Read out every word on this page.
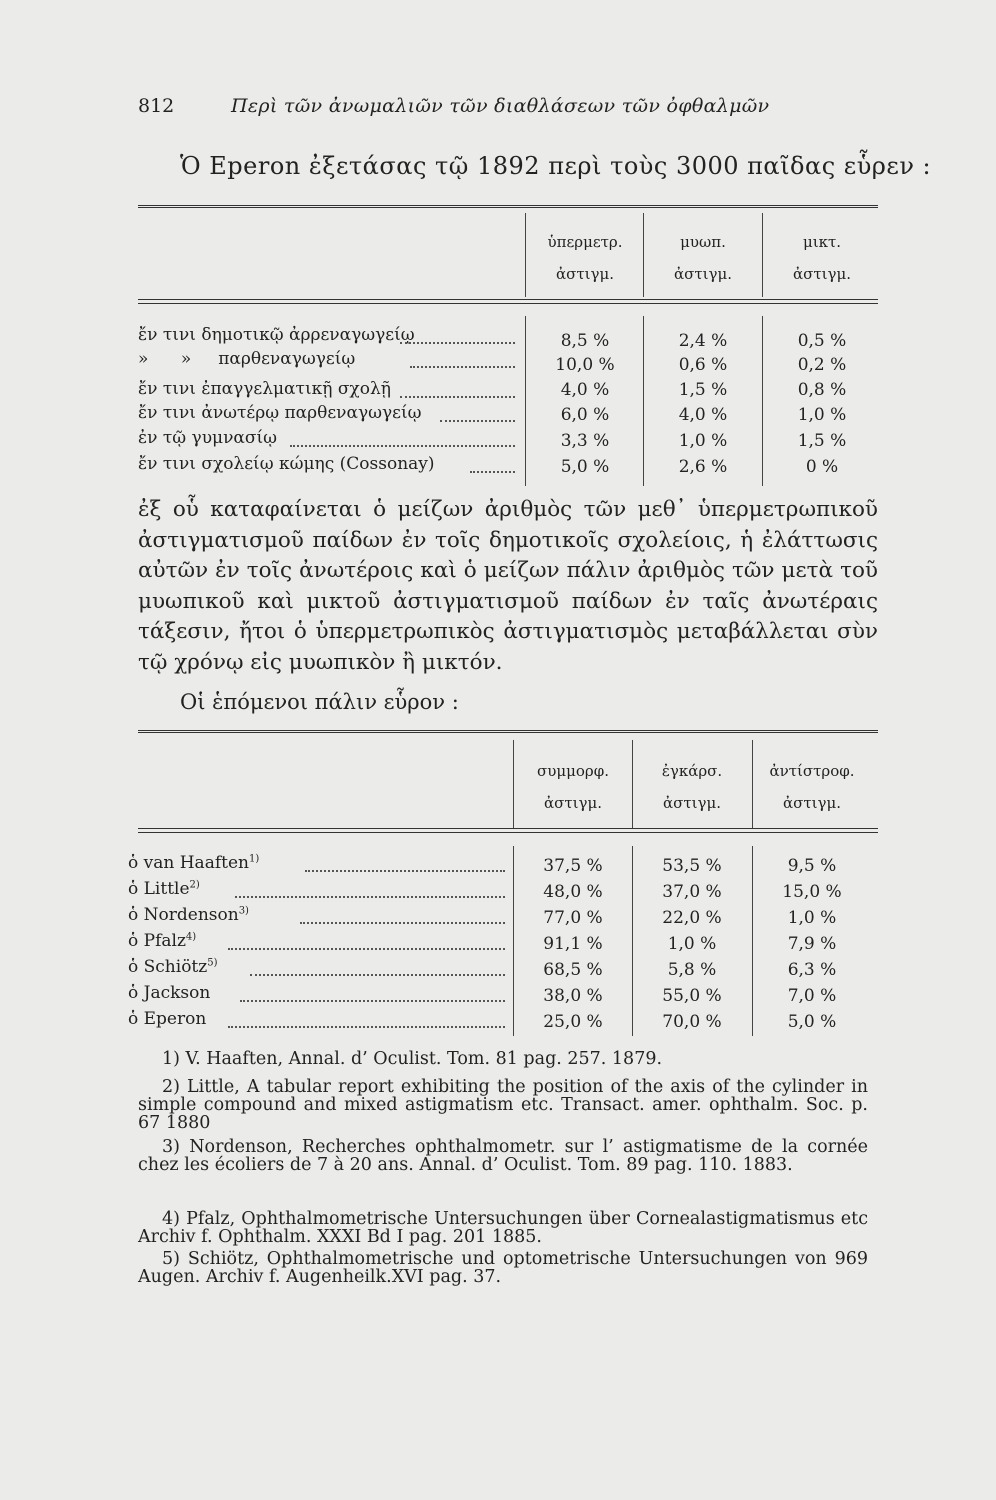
812	Περὶ τῶν ἀνωμαλιῶν τῶν διαθλάσεων τῶν ὀφθαλμῶν
Ὁ Eperon ἐξετάσας τῷ 1892 περὶ τοὺς 3000 παῖδας εὗρεν :
ὑπερμετρ.
ἀστιγμ.
μυωπ.
ἀστιγμ.
μικτ.
ἀστιγμ.
ἔν τινι δημοτικῷ ἀρρεναγωγείῳ	8,5 %	2,4 %	0,5 %
»      »     παρθεναγωγείῳ	10,0 %	0,6 %	0,2 %
ἔν τινι ἐπαγγελματικῇ σχολῇ	4,0 %	1,5 %	0,8 %
ἔν τινι ἀνωτέρῳ παρθεναγωγείῳ	6,0 %	4,0 %	1,0 %
ἐν τῷ γυμνασίῳ	3,3 %	1,0 %	1,5 %
ἔν τινι σχολείῳ κώμης (Cossonay)	5,0 %	2,6 %	0 %
ἐξ οὗ καταφαίνεται ὁ μείζων ἀριθμὸς τῶν μεθ᾽ ὑπερμετρωπικοῦ ἀστιγματισμοῦ παίδων ἐν τοῖς δημοτικοῖς σχολείοις, ἡ ἐλάττωσις αὐτῶν ἐν τοῖς ἀνωτέροις καὶ ὁ μείζων πάλιν ἀριθμὸς τῶν μετὰ τοῦ μυωπικοῦ καὶ μικτοῦ ἀστιγματισμοῦ παίδων ἐν ταῖς ἀνωτέραις τάξεσιν, ἤτοι ὁ ὑπερμετρωπικὸς ἀστιγματισμὸς μεταβάλλεται σὺν τῷ χρόνῳ εἰς μυωπικὸν ἢ μικτόν.
Οἱ ἑπόμενοι πάλιν εὗρον :
συμμορφ.
ἀστιγμ.
ἐγκάρσ.
ἀστιγμ.
ἀντίστροφ.
ἀστιγμ.
ὁ van Haaften$^{1)}$	37,5 %	53,5 %	9,5 %
ὁ Little$^{2)}$	48,0 %	37,0 %	15,0 %
ὁ Nordenson$^{3)}$	77,0 %	22,0 %	1,0 %
ὁ Pfalz$^{4)}$	91,1 %	1,0 %	7,9 %
ὁ Schiötz$^{5)}$	68,5 %	5,8 %	6,3 %
ὁ Jackson	38,0 %	55,0 %	7,0 %
ὁ Eperon	25,0 %	70,0 %	5,0 %
1) V. Haaften, Annal. d’ Oculist. Tom. 81 pag. 257. 1879.
2) Little, A tabular report exhibiting the position of the axis of the cylinder in simple compound and mixed astigmatism etc. Transact. amer. ophthalm. Soc. p. 67 1880
3) Nordenson, Recherches ophthalmometr. sur l’ astigmatisme de la cornée chez les écoliers de 7 à 20 ans. Annal. d’ Oculist. Tom. 89 pag. 110. 1883.
4) Pfalz, Ophthalmometrische Untersuchungen über Cornealastigmatismus etc Archiv f. Ophthalm. XXXI Bd I pag. 201 1885.
5) Schiötz, Ophthalmometrische und optometrische Untersuchungen von 969 Augen. Archiv f. Augenheilk.XVI pag. 37.
